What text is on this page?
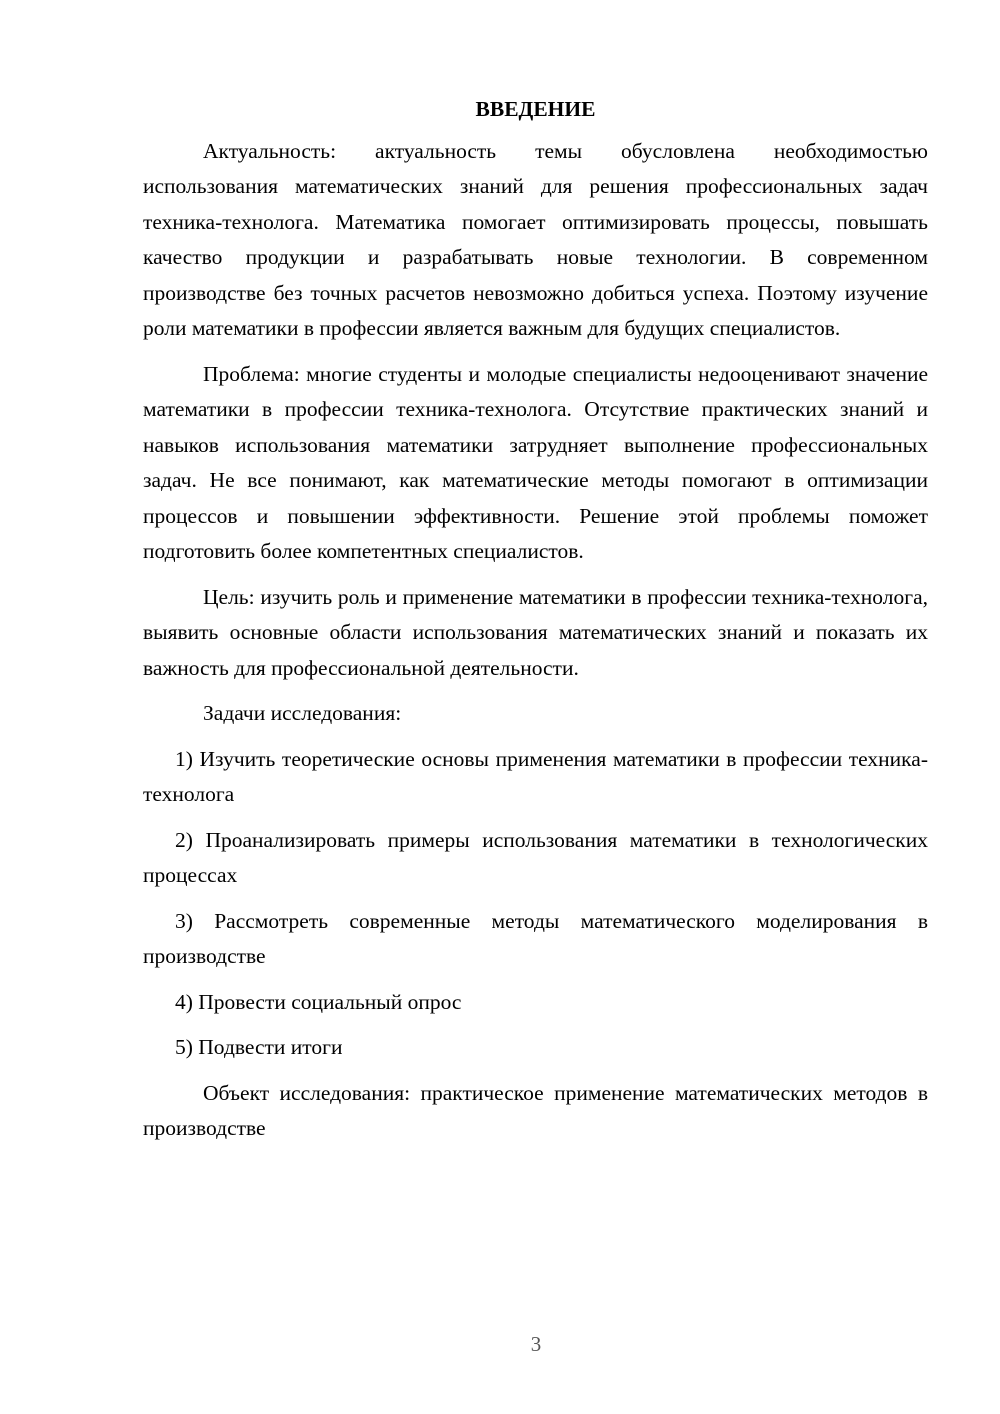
ВВЕДЕНИЕ

Актуальность: актуальность темы обусловлена необходимостью использования математических знаний для решения профессиональных задач техника-технолога. Математика помогает оптимизировать процессы, повышать качество продукции и разрабатывать новые технологии. В современном производстве без точных расчетов невозможно добиться успеха. Поэтому изучение роли математики в профессии является важным для будущих специалистов.

Проблема: многие студенты и молодые специалисты недооценивают значение математики в профессии техника-технолога. Отсутствие практических знаний и навыков использования математики затрудняет выполнение профессиональных задач. Не все понимают, как математические методы помогают в оптимизации процессов и повышении эффективности. Решение этой проблемы поможет подготовить более компетентных специалистов.

Цель: изучить роль и применение математики в профессии техника-технолога, выявить основные области использования математических знаний и показать их важность для профессиональной деятельности.

Задачи исследования:

1) Изучить теоретические основы применения математики в профессии техника-технолога
2) Проанализировать примеры использования математики в технологических процессах
3) Рассмотреть современные методы математического моделирования в производстве
4) Провести социальный опрос
5) Подвести итоги

Объект исследования: практическое применение математических методов в производстве

3
